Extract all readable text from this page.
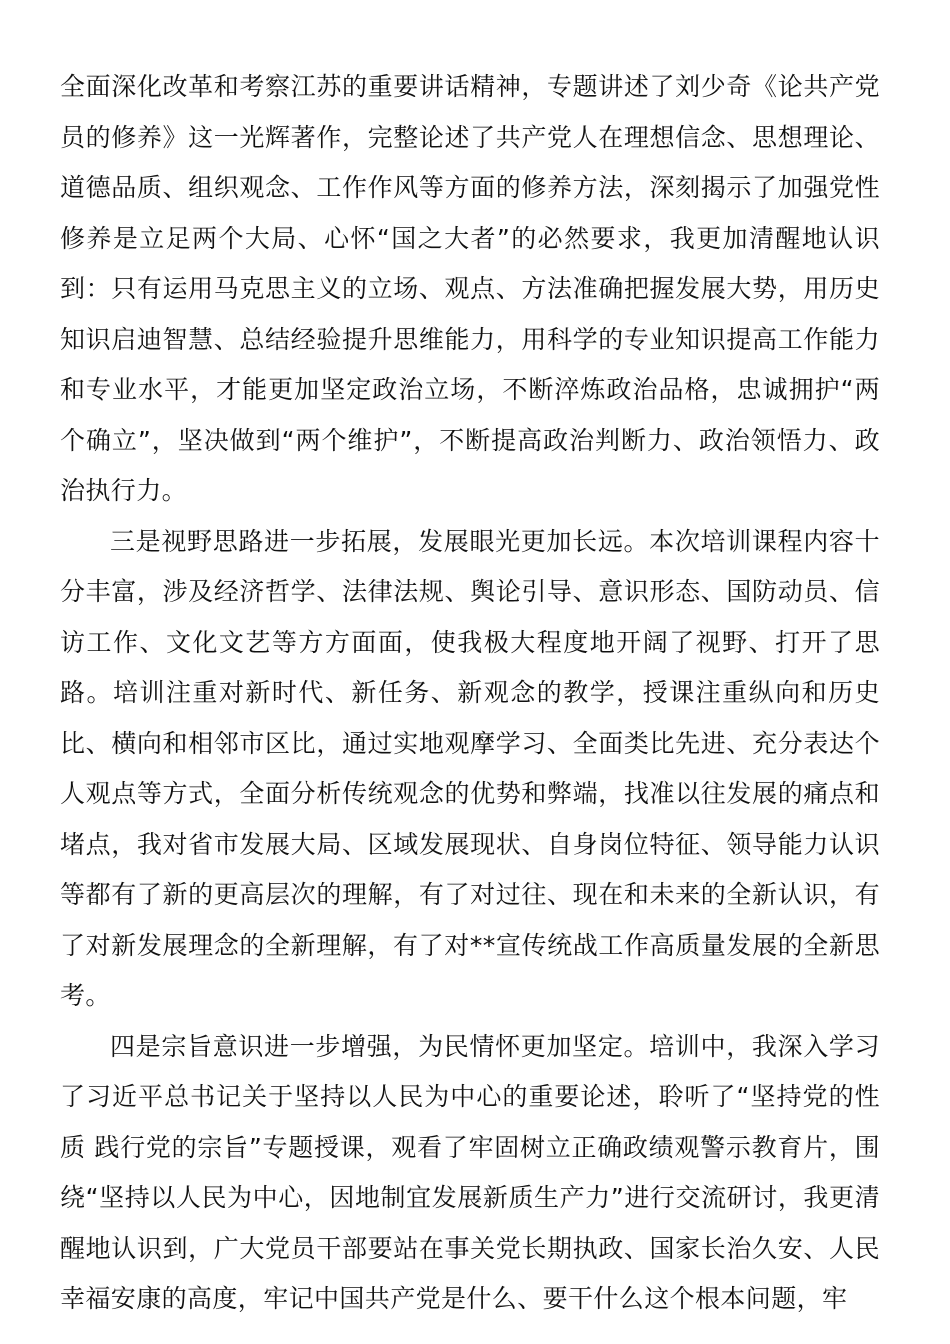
全面深化改革和考察江苏的重要讲话精神，专题讲述了刘少奇《论共产党员的修养》这一光辉著作，完整论述了共产党人在理想信念、思想理论、道德品质、组织观念、工作作风等方面的修养方法，深刻揭示了加强党性修养是立足两个大局、心怀“国之大者”的必然要求，我更加清醒地认识到：只有运用马克思主义的立场、观点、方法准确把握发展大势，用历史知识启迪智慧、总结经验提升思维能力，用科学的专业知识提高工作能力和专业水平，才能更加坚定政治立场，不断淬炼政治品格，忠诚拥护“两个确立”，坚决做到“两个维护”，不断提高政治判断力、政治领悟力、政治执行力。

三是视野思路进一步拓展，发展眼光更加长远。本次培训课程内容十分丰富，涉及经济哲学、法律法规、舆论引导、意识形态、国防动员、信访工作、文化文艺等方方面面，使我极大程度地开阔了视野、打开了思路。培训注重对新时代、新任务、新观念的教学，授课注重纵向和历史比、横向和相邻市区比，通过实地观摩学习、全面类比先进、充分表达个人观点等方式，全面分析传统观念的优势和弊端，找准以往发展的痛点和堵点，我对省市发展大局、区域发展现状、自身岗位特征、领导能力认识等都有了新的更高层次的理解，有了对过往、现在和未来的全新认识，有了对新发展理念的全新理解，有了对**宣传统战工作高质量发展的全新思考。

四是宗旨意识进一步增强，为民情怀更加坚定。培训中，我深入学习了习近平总书记关于坚持以人民为中心的重要论述，聆听了“坚持党的性质 践行党的宗旨”专题授课，观看了牢固树立正确政绩观警示教育片，围绕“坚持以人民为中心，因地制宜发展新质生产力”进行交流研讨，我更清醒地认识到，广大党员干部要站在事关党长期执政、国家长治久安、人民幸福安康的高度，牢记中国共产党是什么、要干什么这个根本问题，牢
